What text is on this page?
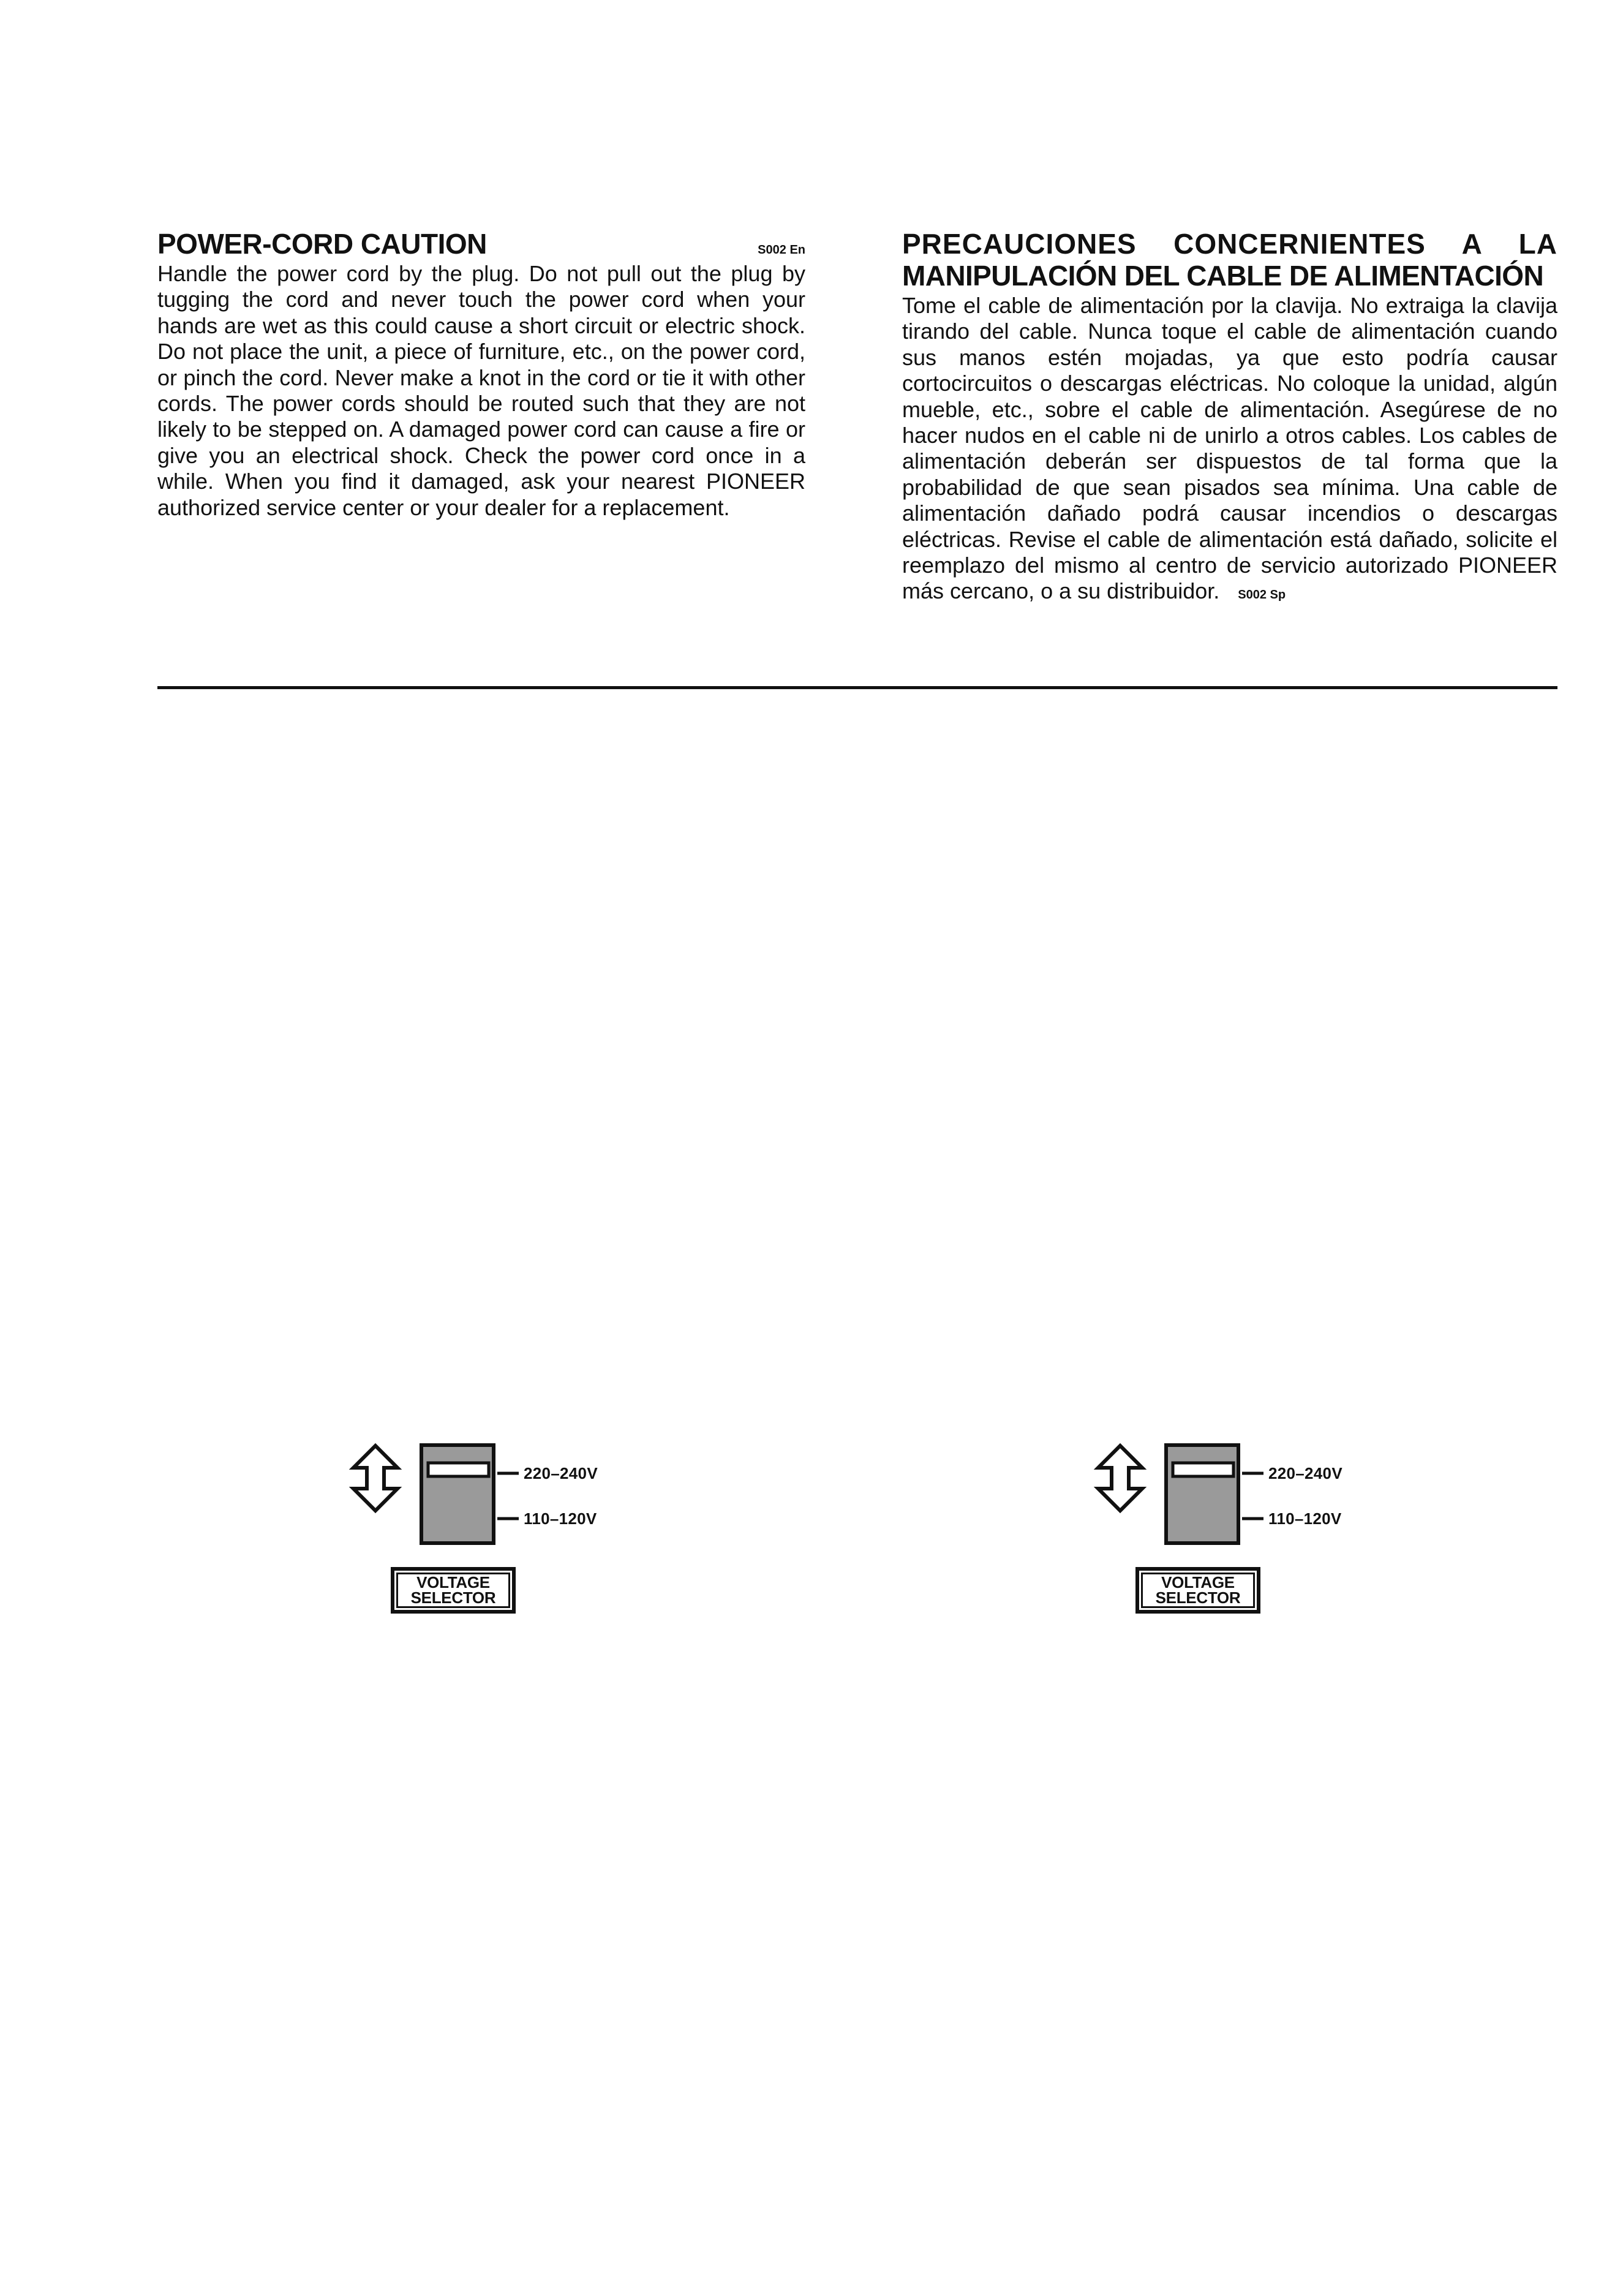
POWER-CORD CAUTION	S002 En

Handle the power cord by the plug. Do not pull out the plug by tugging the cord and never touch the power cord when your hands are wet as this could cause a short circuit or electric shock. Do not place the unit, a piece of furniture, etc., on the power cord, or pinch the cord. Never make a knot in the cord or tie it with other cords. The power cords should be routed such that they are not likely to be stepped on. A damaged power cord can cause a fire or give you an electrical shock. Check the power cord once in a while. When you find it damaged, ask your nearest PIONEER authorized service center or your dealer for a replacement.

PRECAUCIONES CONCERNIENTES A LA
MANIPULACIÓN DEL CABLE DE ALIMENTACIÓN

Tome el cable de alimentación por la clavija. No extraiga la clavija tirando del cable. Nunca toque el cable de alimentación cuando sus manos estén mojadas, ya que esto podría causar cortocircuitos o descargas eléctricas. No coloque la unidad, algún mueble, etc., sobre el cable de alimentación. Asegúrese de no hacer nudos en el cable ni de unirlo a otros cables. Los cables de alimentación deberán ser dispuestos de tal forma que la probabilidad de que sean pisados sea mínima. Una cable de alimentación dañado podrá causar incendios o descargas eléctricas. Revise el cable de alimentación está dañado, solicite el reemplazo del mismo al centro de servicio autorizado PIONEER más cercano, o a su distribuidor. S002 Sp

220–240V
110–120V
VOLTAGE
SELECTOR
220–240V
110–120V
VOLTAGE
SELECTOR
